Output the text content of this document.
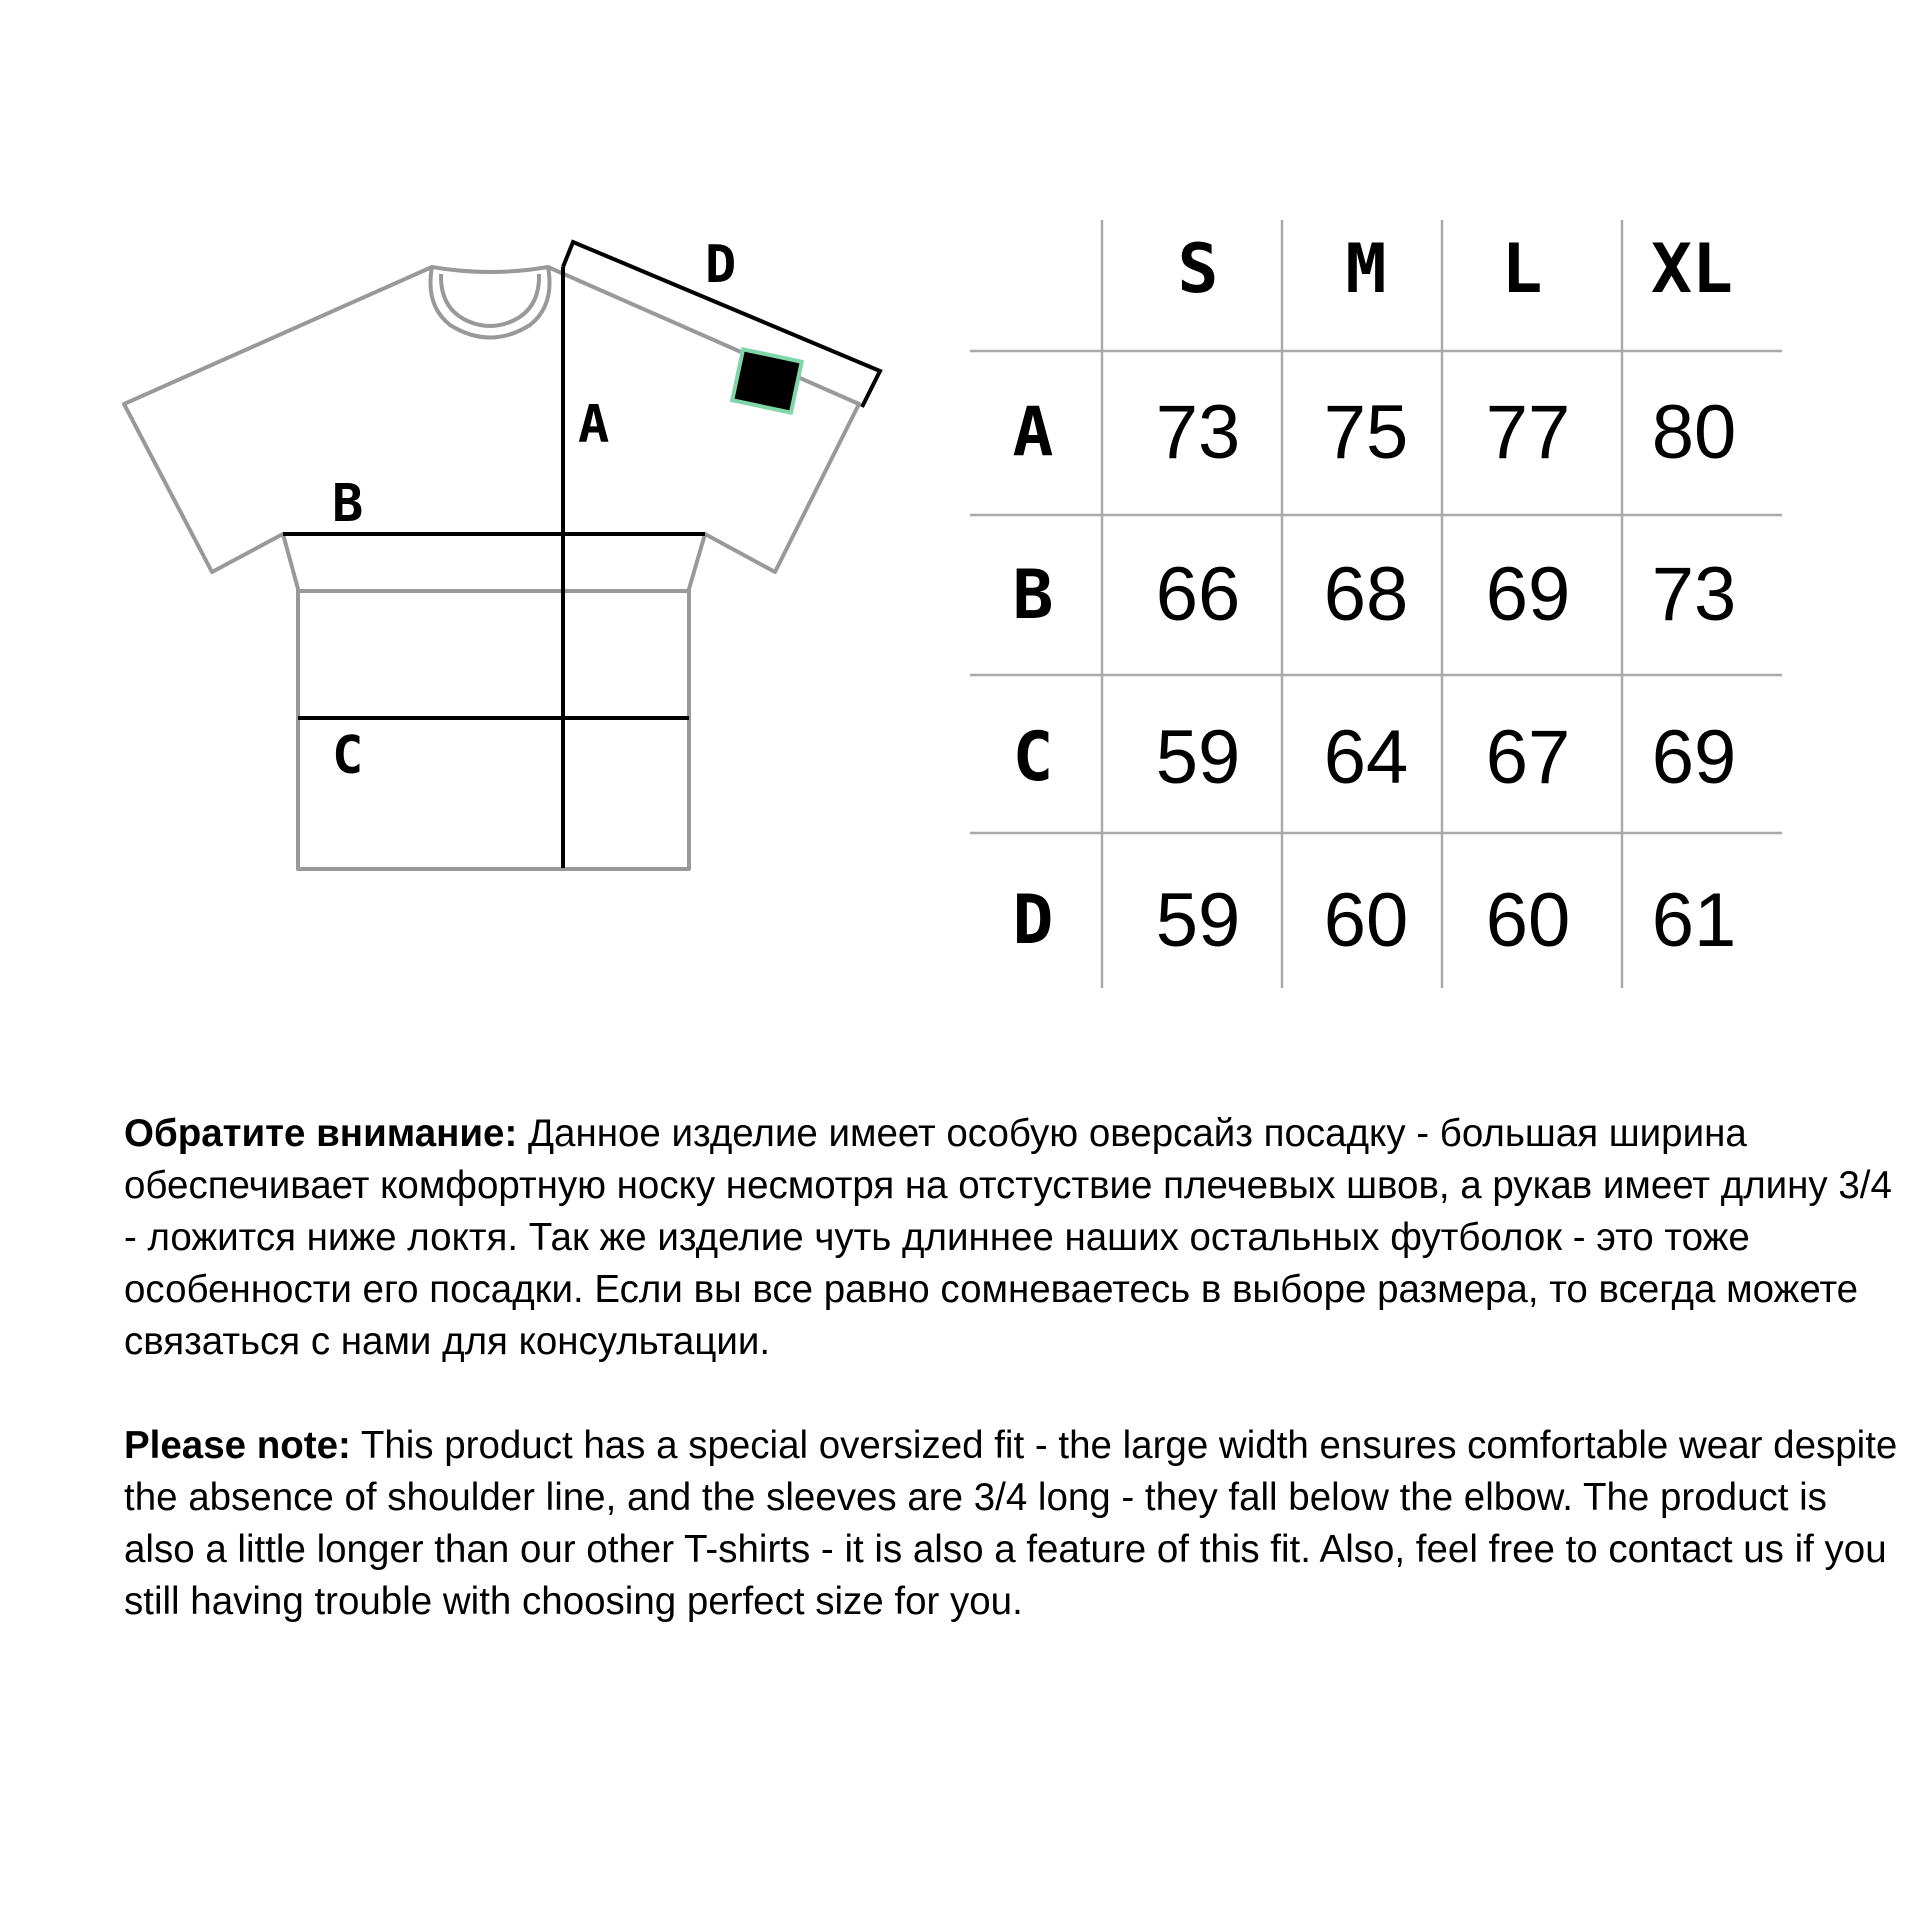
A
B
C
D	S M L XL
A 73 75 77 80
B 66 68 69 73
C 59 64 67 69
D 59 60 60 61

Обратите внимание: Данное изделие имеет особую оверсайз посадку - большая ширина обеспечивает комфортную носку несмотря на отстуствие плечевых швов, а рукав имеет длину 3/4 - ложится ниже локтя. Так же изделие чуть длиннее наших остальных футболок - это тоже особенности его посадки. Если вы все равно сомневаетесь в выборе размера, то всегда можете связаться с нами для консультации.

Please note: This product has a special oversized fit - the large width ensures comfortable wear despite the absence of shoulder line, and the sleeves are 3/4 long - they fall below the elbow. The product is also a little longer than our other T-shirts - it is also a feature of this fit. Also, feel free to contact us if you still having trouble with choosing perfect size for you.
